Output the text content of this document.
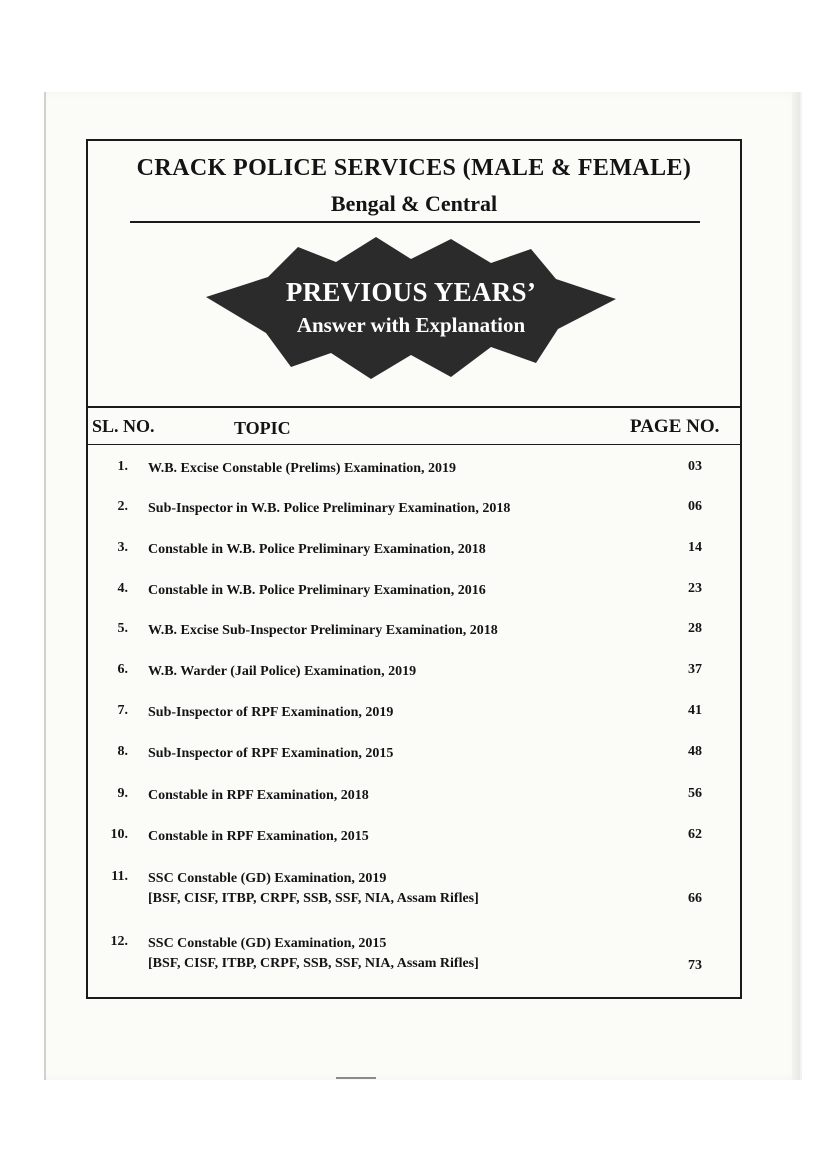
CRACK POLICE SERVICES (MALE & FEMALE)
Bengal & Central
PREVIOUS YEARS’
Answer with Explanation
SL. NO.	TOPIC	PAGE NO.
1. W.B. Excise Constable (Prelims) Examination, 2019	03
2. Sub-Inspector in W.B. Police Preliminary Examination, 2018	06
3. Constable in W.B. Police Preliminary Examination, 2018	14
4. Constable in W.B. Police Preliminary Examination, 2016	23
5. W.B. Excise Sub-Inspector Preliminary Examination, 2018	28
6. W.B. Warder (Jail Police) Examination, 2019	37
7. Sub-Inspector of RPF Examination, 2019	41
8. Sub-Inspector of RPF Examination, 2015	48
9. Constable in RPF Examination, 2018	56
10. Constable in RPF Examination, 2015	62
11. SSC Constable (GD) Examination, 2019
[BSF, CISF, ITBP, CRPF, SSB, SSF, NIA, Assam Rifles]	66
12. SSC Constable (GD) Examination, 2015
[BSF, CISF, ITBP, CRPF, SSB, SSF, NIA, Assam Rifles]	73
